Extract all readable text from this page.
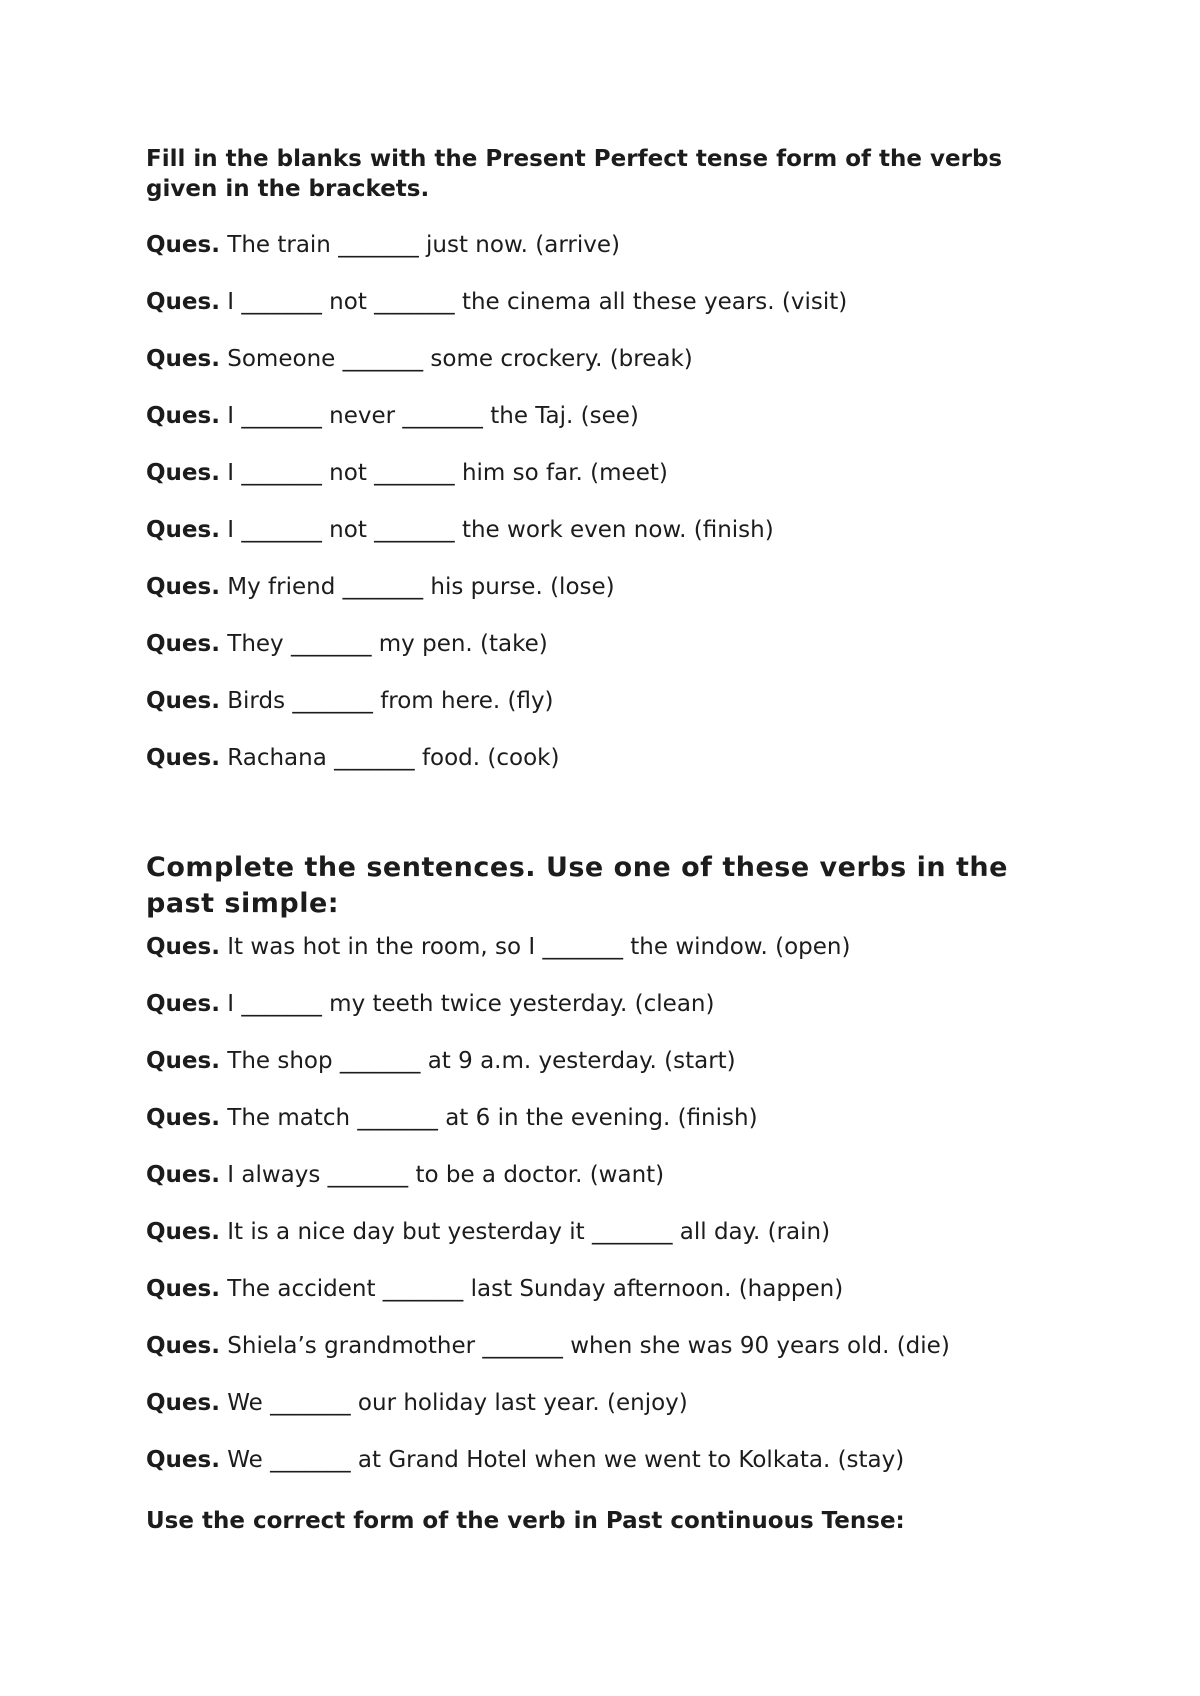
Fill in the blanks with the Present Perfect tense form of the verbs given in the brackets.

Ques. The train _______ just now. (arrive)

Ques. I _______ not _______ the cinema all these years. (visit)

Ques. Someone _______ some crockery. (break)

Ques. I _______ never _______ the Taj. (see)

Ques. I _______ not _______ him so far. (meet)

Ques. I _______ not _______ the work even now. (finish)

Ques. My friend _______ his purse. (lose)

Ques. They _______ my pen. (take)

Ques. Birds _______ from here. (fly)

Ques. Rachana _______ food. (cook)

Complete the sentences. Use one of these verbs in the past simple:

Ques. It was hot in the room, so I _______ the window. (open)

Ques. I _______ my teeth twice yesterday. (clean)

Ques. The shop _______ at 9 a.m. yesterday. (start)

Ques. The match _______ at 6 in the evening. (finish)

Ques. I always _______ to be a doctor. (want)

Ques. It is a nice day but yesterday it _______ all day. (rain)

Ques. The accident _______ last Sunday afternoon. (happen)

Ques. Shiela’s grandmother _______ when she was 90 years old. (die)

Ques. We _______ our holiday last year. (enjoy)

Ques. We _______ at Grand Hotel when we went to Kolkata. (stay)

Use the correct form of the verb in Past continuous Tense:
